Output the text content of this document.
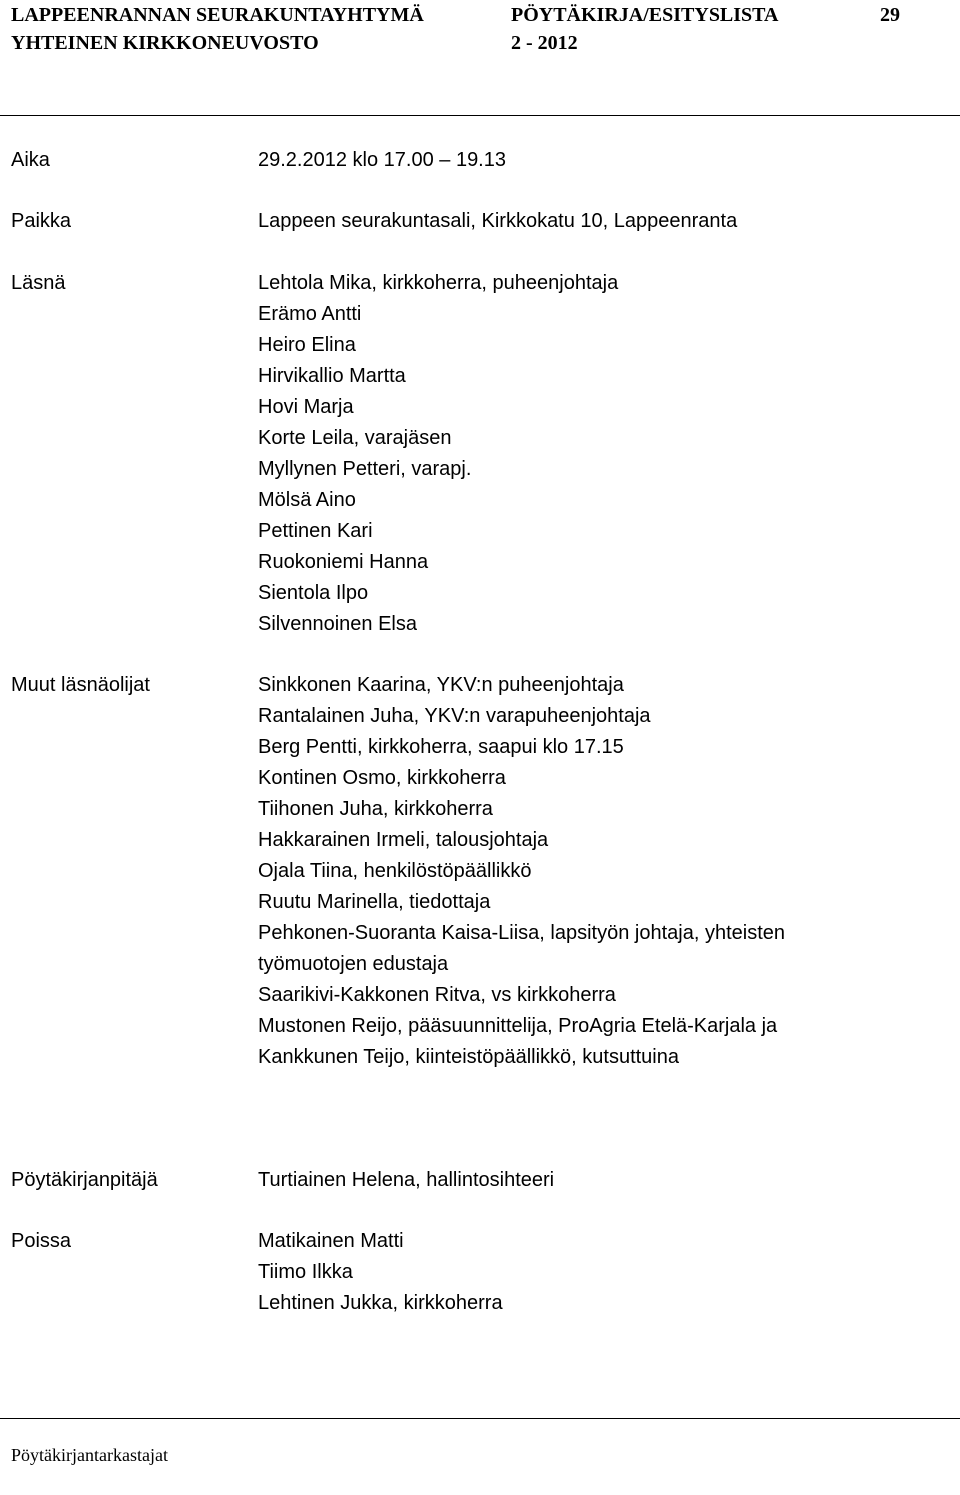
LAPPEENRANNAN SEURAKUNTAYHTYMÄ
YHTEINEN KIRKKONEUVOSTO
PÖYTÄKIRJA/ESITYSLISTA
2 - 2012
29
Aika	29.2.2012 klo 17.00 – 19.13
Paikka	Lappeen seurakuntasali, Kirkkokatu 10, Lappeenranta
Läsnä	Lehtola Mika, kirkkoherra, puheenjohtaja
Erämo Antti
Heiro Elina
Hirvikallio Martta
Hovi Marja
Korte Leila, varajäsen
Myllynen Petteri, varapj.
Mölsä Aino
Pettinen Kari
Ruokoniemi Hanna
Sientola Ilpo
Silvennoinen Elsa
Muut läsnäolijat	Sinkkonen Kaarina, YKV:n puheenjohtaja
Rantalainen Juha, YKV:n varapuheenjohtaja
Berg Pentti, kirkkoherra, saapui klo 17.15
Kontinen Osmo, kirkkoherra
Tiihonen Juha, kirkkoherra
Hakkarainen Irmeli, talousjohtaja
Ojala Tiina, henkilöstöpäällikkö
Ruutu Marinella, tiedottaja
Pehkonen-Suoranta Kaisa-Liisa, lapsityön johtaja, yhteisten
työmuotojen edustaja
Saarikivi-Kakkonen Ritva, vs kirkkoherra
Mustonen Reijo, pääsuunnittelija, ProAgria Etelä-Karjala ja
Kankkunen Teijo, kiinteistöpäällikkö, kutsuttuina
Pöytäkirjanpitäjä	Turtiainen Helena, hallintosihteeri
Poissa	Matikainen Matti
Tiimo Ilkka
Lehtinen Jukka, kirkkoherra
Pöytäkirjantarkastajat
